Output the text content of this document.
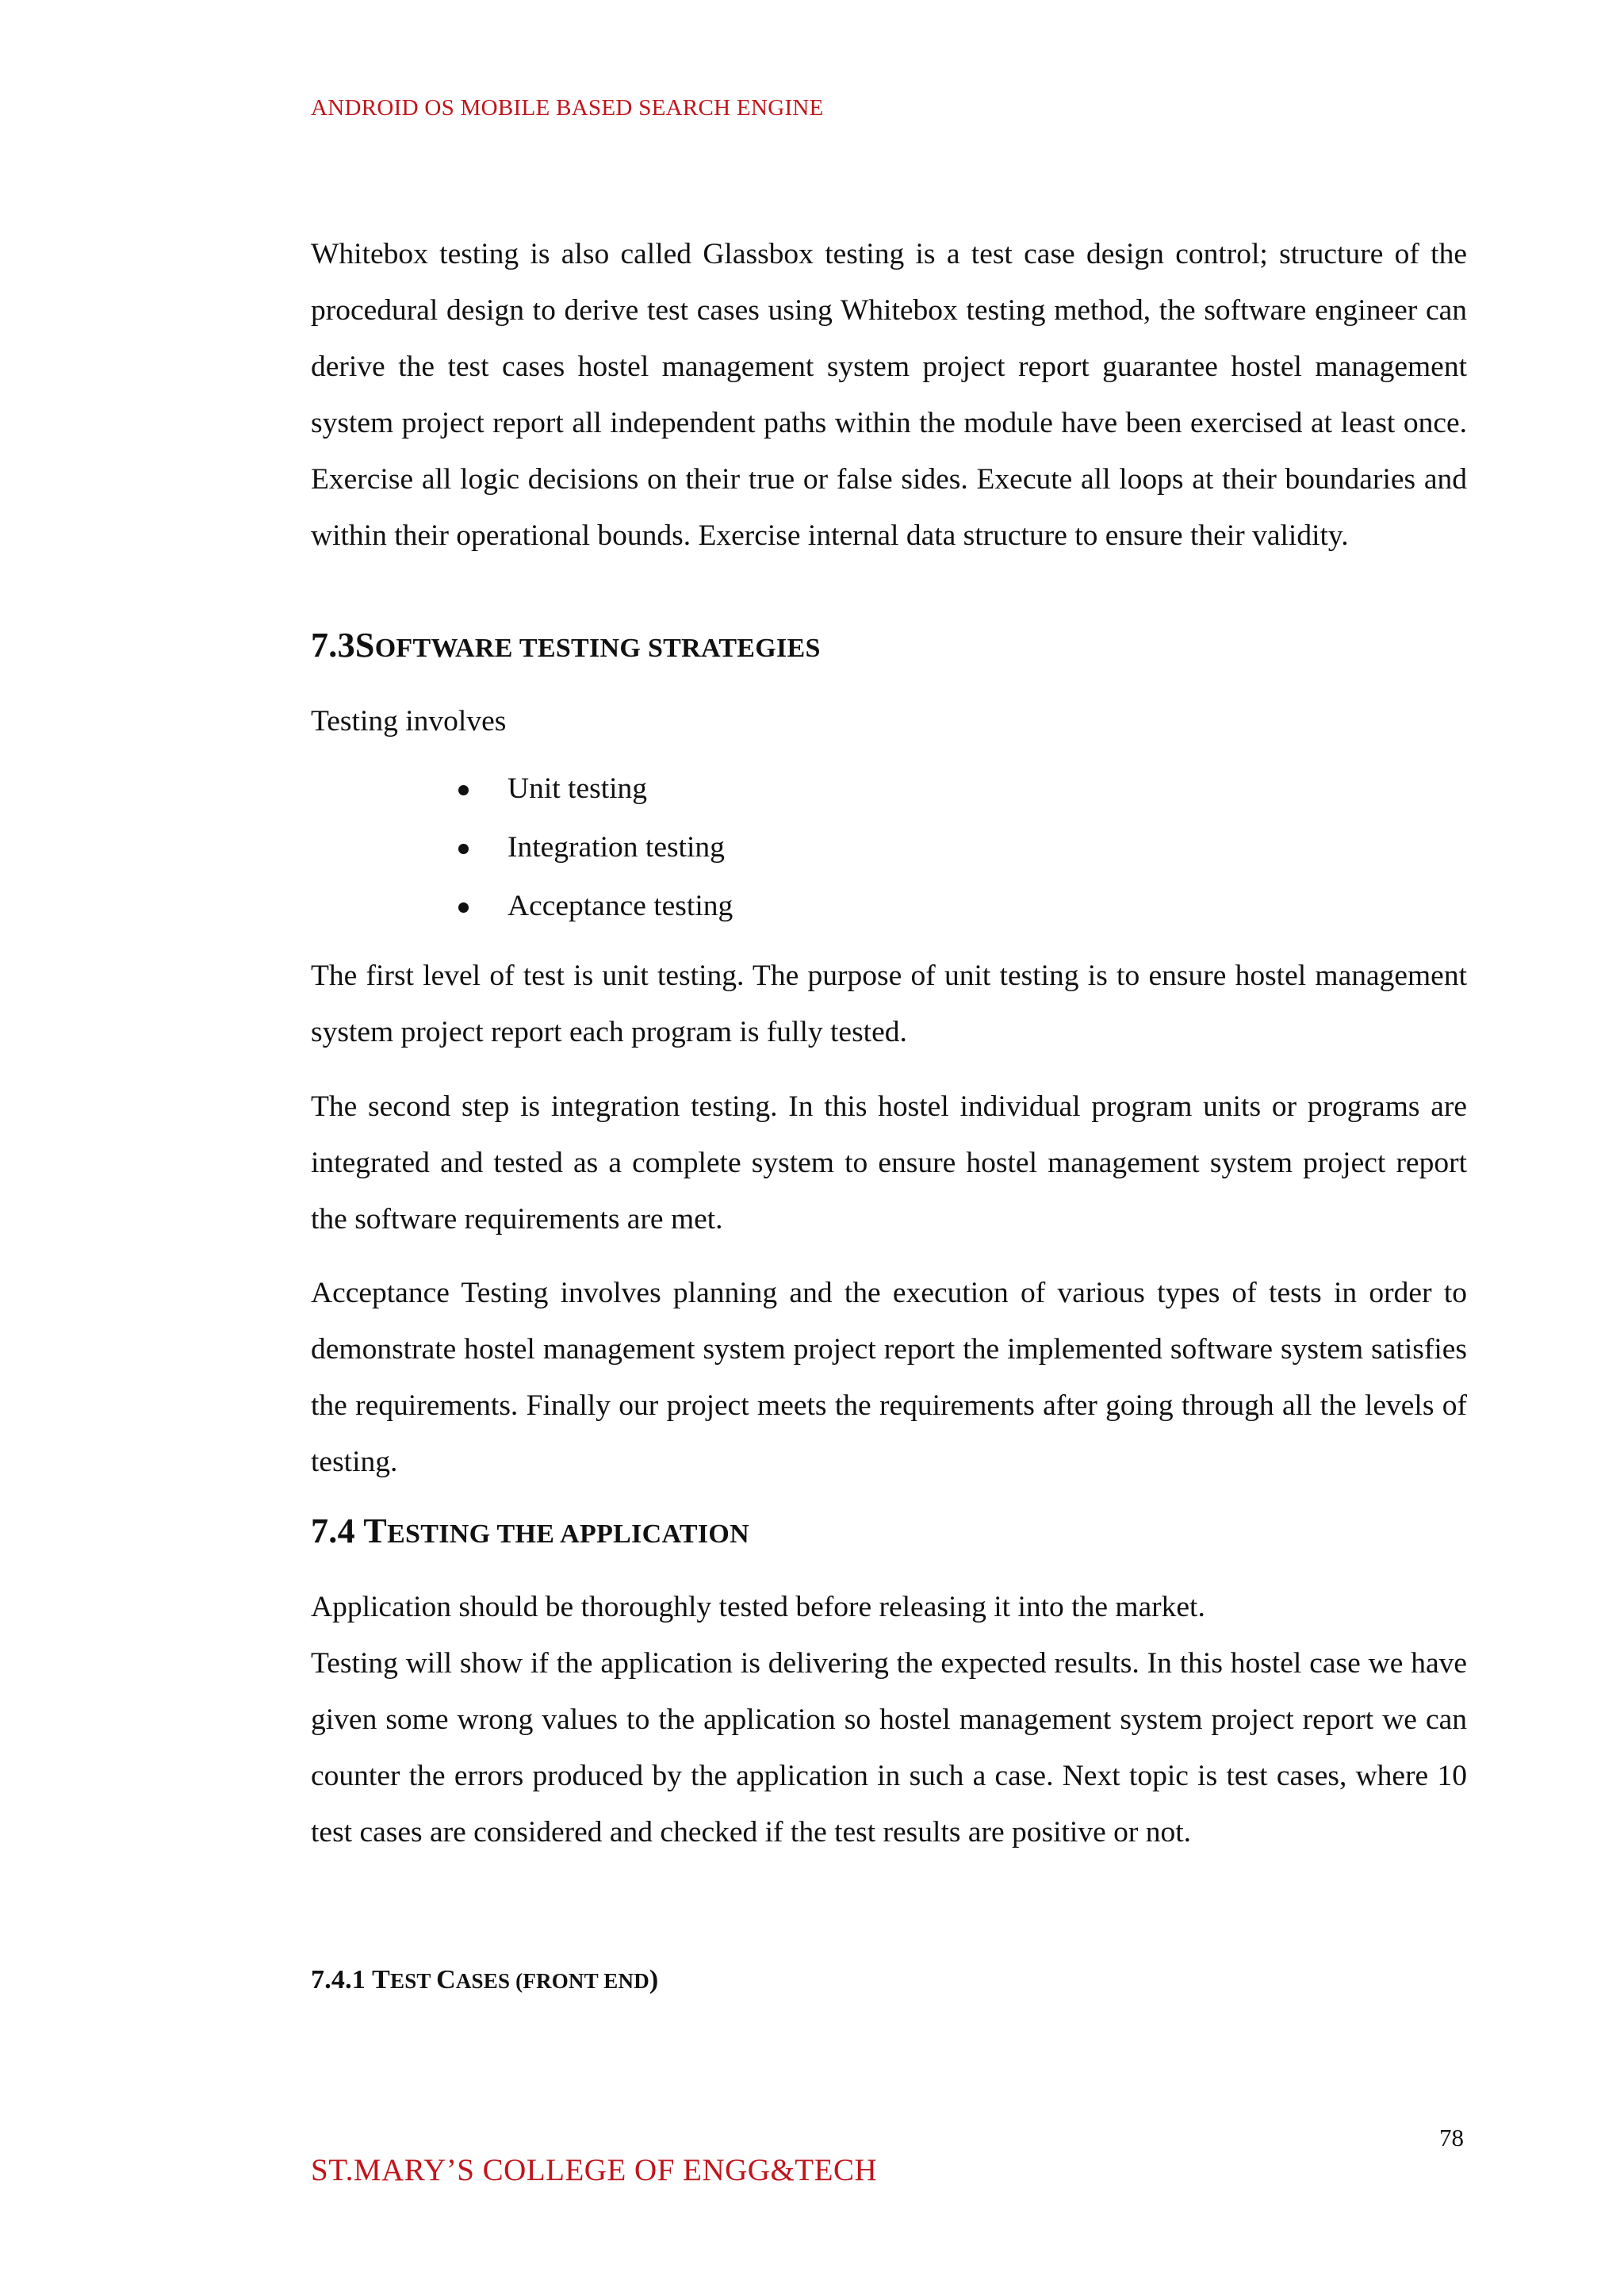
ANDROID OS MOBILE BASED SEARCH ENGINE

Whitebox testing is also called Glassbox testing is a test case design control; structure of the procedural design to derive test cases using Whitebox testing method, the software engineer can derive the test cases hostel management system project report guarantee hostel management system project report all independent paths within the module have been exercised at least once. Exercise all logic decisions on their true or false sides. Execute all loops at their boundaries and within their operational bounds. Exercise internal data structure to ensure their validity.

7.3SOFTWARE TESTING STRATEGIES
Testing involves
Unit testing
Integration testing
Acceptance testing

The first level of test is unit testing. The purpose of unit testing is to ensure hostel management system project report each program is fully tested.

The second step is integration testing. In this hostel individual program units or programs are integrated and tested as a complete system to ensure hostel management system project report the software requirements are met.

Acceptance Testing involves planning and the execution of various types of tests in order to demonstrate hostel management system project report the implemented software system satisfies the requirements. Finally our project meets the requirements after going through all the levels of testing.

7.4 TESTING THE APPLICATION
Application should be thoroughly tested before releasing it into the market.

Testing will show if the application is delivering the expected results. In this hostel case we have given some wrong values to the application so hostel management system project report we can counter the errors produced by the application in such a case. Next topic is test cases, where 10 test cases are considered and checked if the test results are positive or not.

7.4.1 TEST CASES (FRONT END)
78
ST.MARY’S COLLEGE OF ENGG&TECH
